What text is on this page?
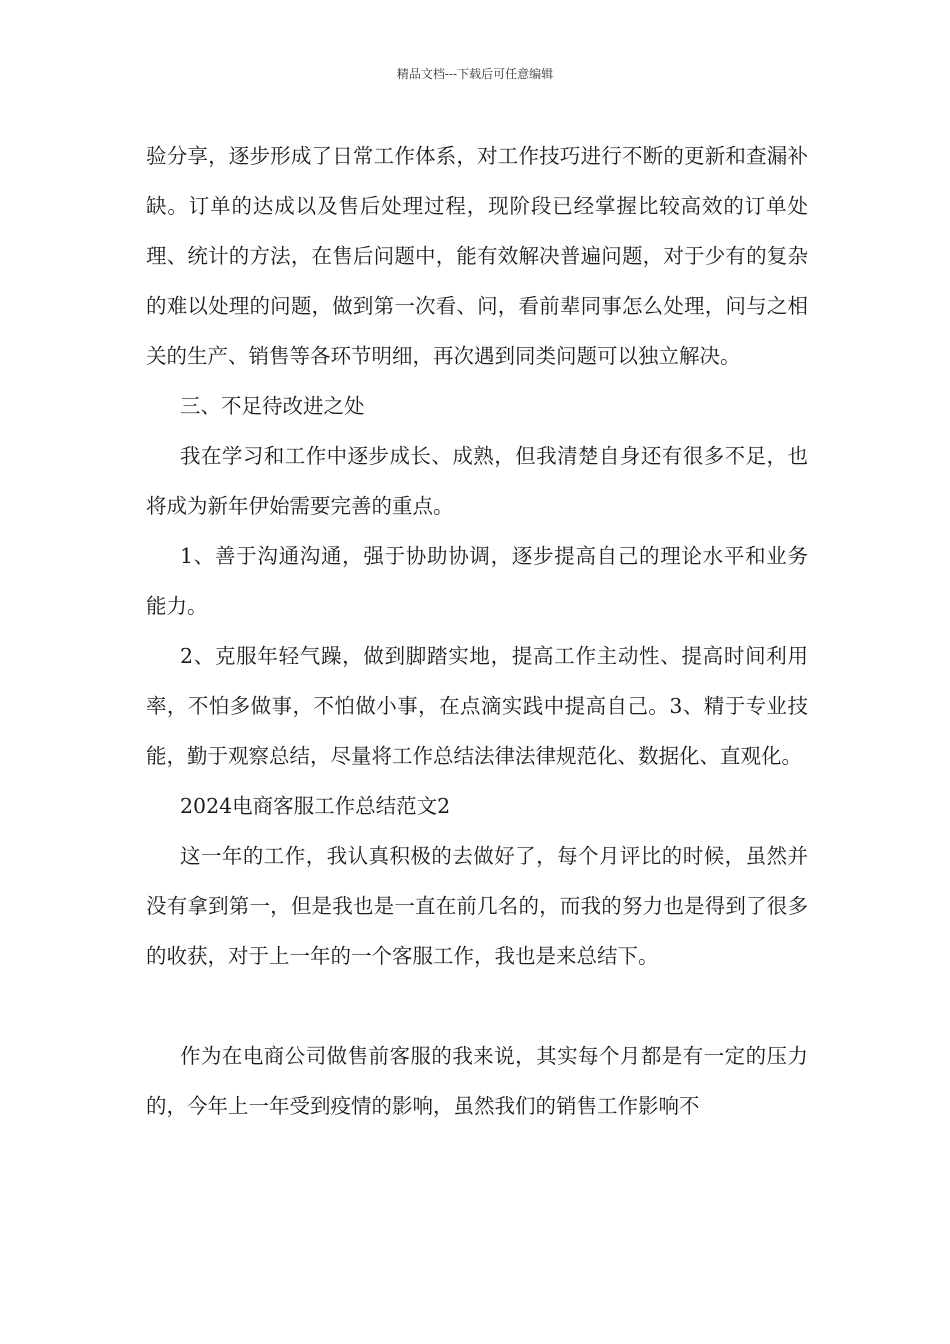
精品文档---下载后可任意编辑

验分享，逐步形成了日常工作体系，对工作技巧进行不断的更新和查漏补缺。订单的达成以及售后处理过程，现阶段已经掌握比较高效的订单处理、统计的方法，在售后问题中，能有效解决普遍问题，对于少有的复杂的难以处理的问题，做到第一次看、问，看前辈同事怎么处理，问与之相关的生产、销售等各环节明细，再次遇到同类问题可以独立解决。

三、不足待改进之处

我在学习和工作中逐步成长、成熟，但我清楚自身还有很多不足，也将成为新年伊始需要完善的重点。

1、善于沟通沟通，强于协助协调，逐步提高自己的理论水平和业务能力。

2、克服年轻气躁，做到脚踏实地，提高工作主动性、提高时间利用率，不怕多做事，不怕做小事，在点滴实践中提高自己。3、精于专业技能，勤于观察总结，尽量将工作总结法律法律规范化、数据化、直观化。

2024电商客服工作总结范文2

这一年的工作，我认真积极的去做好了，每个月评比的时候，虽然并没有拿到第一，但是我也是一直在前几名的，而我的努力也是得到了很多的收获，对于上一年的一个客服工作，我也是来总结下。

作为在电商公司做售前客服的我来说，其实每个月都是有一定的压力的，今年上一年受到疫情的影响，虽然我们的销售工作影响不
